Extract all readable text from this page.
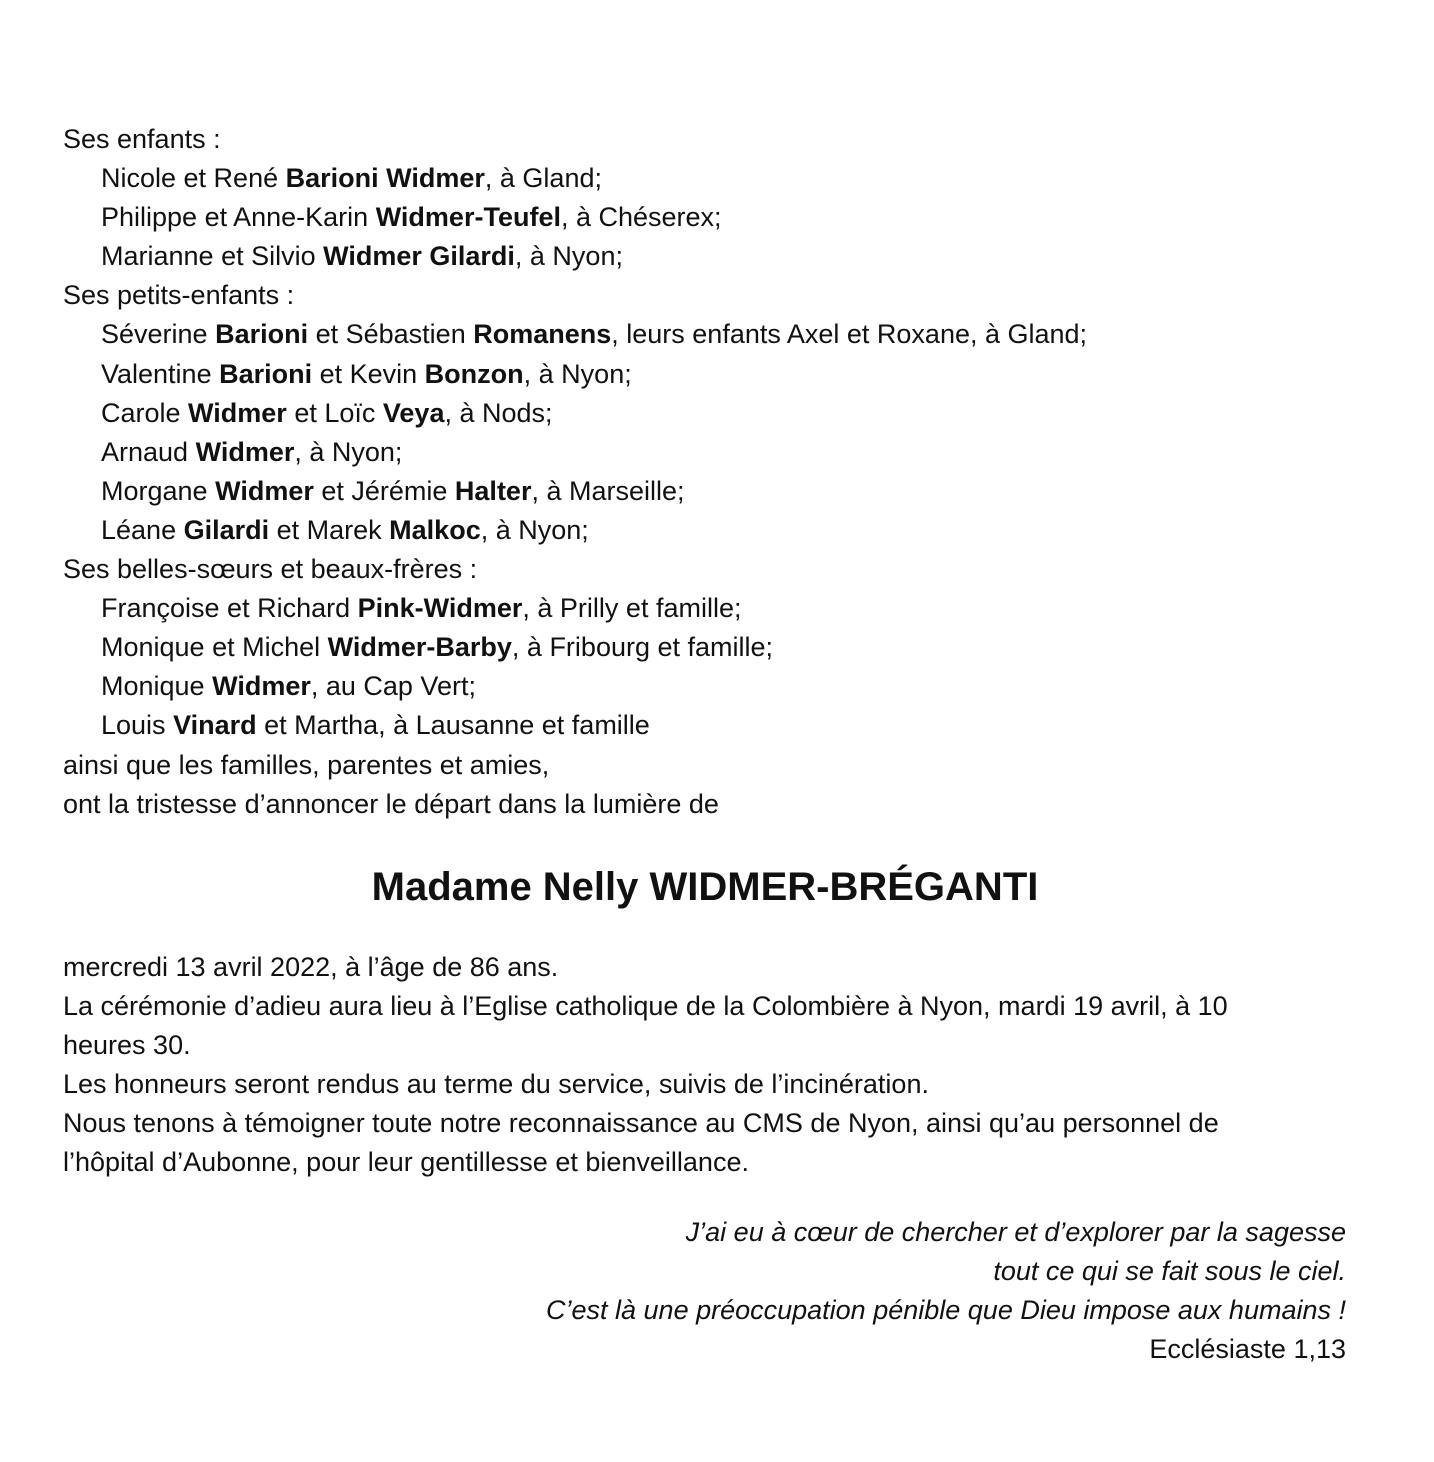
Ses enfants :
Nicole et René Barioni Widmer, à Gland;
Philippe et Anne-Karin Widmer-Teufel, à Chéserex;
Marianne et Silvio Widmer Gilardi, à Nyon;
Ses petits-enfants :
Séverine Barioni et Sébastien Romanens, leurs enfants Axel et Roxane, à Gland;
Valentine Barioni et Kevin Bonzon, à Nyon;
Carole Widmer et Loïc Veya, à Nods;
Arnaud Widmer, à Nyon;
Morgane Widmer et Jérémie Halter, à Marseille;
Léane Gilardi et Marek Malkoc, à Nyon;
Ses belles-sœurs et beaux-frères :
Françoise et Richard Pink-Widmer, à Prilly et famille;
Monique et Michel Widmer-Barby, à Fribourg et famille;
Monique Widmer, au Cap Vert;
Louis Vinard et Martha, à Lausanne et famille
ainsi que les familles, parentes et amies,
ont la tristesse d’annoncer le départ dans la lumière de
Madame Nelly WIDMER-BRÉGANTI
mercredi 13 avril 2022, à l’âge de 86 ans.
La cérémonie d’adieu aura lieu à l’Eglise catholique de la Colombière à Nyon, mardi 19 avril, à 10
heures 30.
Les honneurs seront rendus au terme du service, suivis de l’incinération.
Nous tenons à témoigner toute notre reconnaissance au CMS de Nyon, ainsi qu’au personnel de
l’hôpital d’Aubonne, pour leur gentillesse et bienveillance.
J’ai eu à cœur de chercher et d’explorer par la sagesse
tout ce qui se fait sous le ciel.
C’est là une préoccupation pénible que Dieu impose aux humains !
Ecclésiaste 1,13
